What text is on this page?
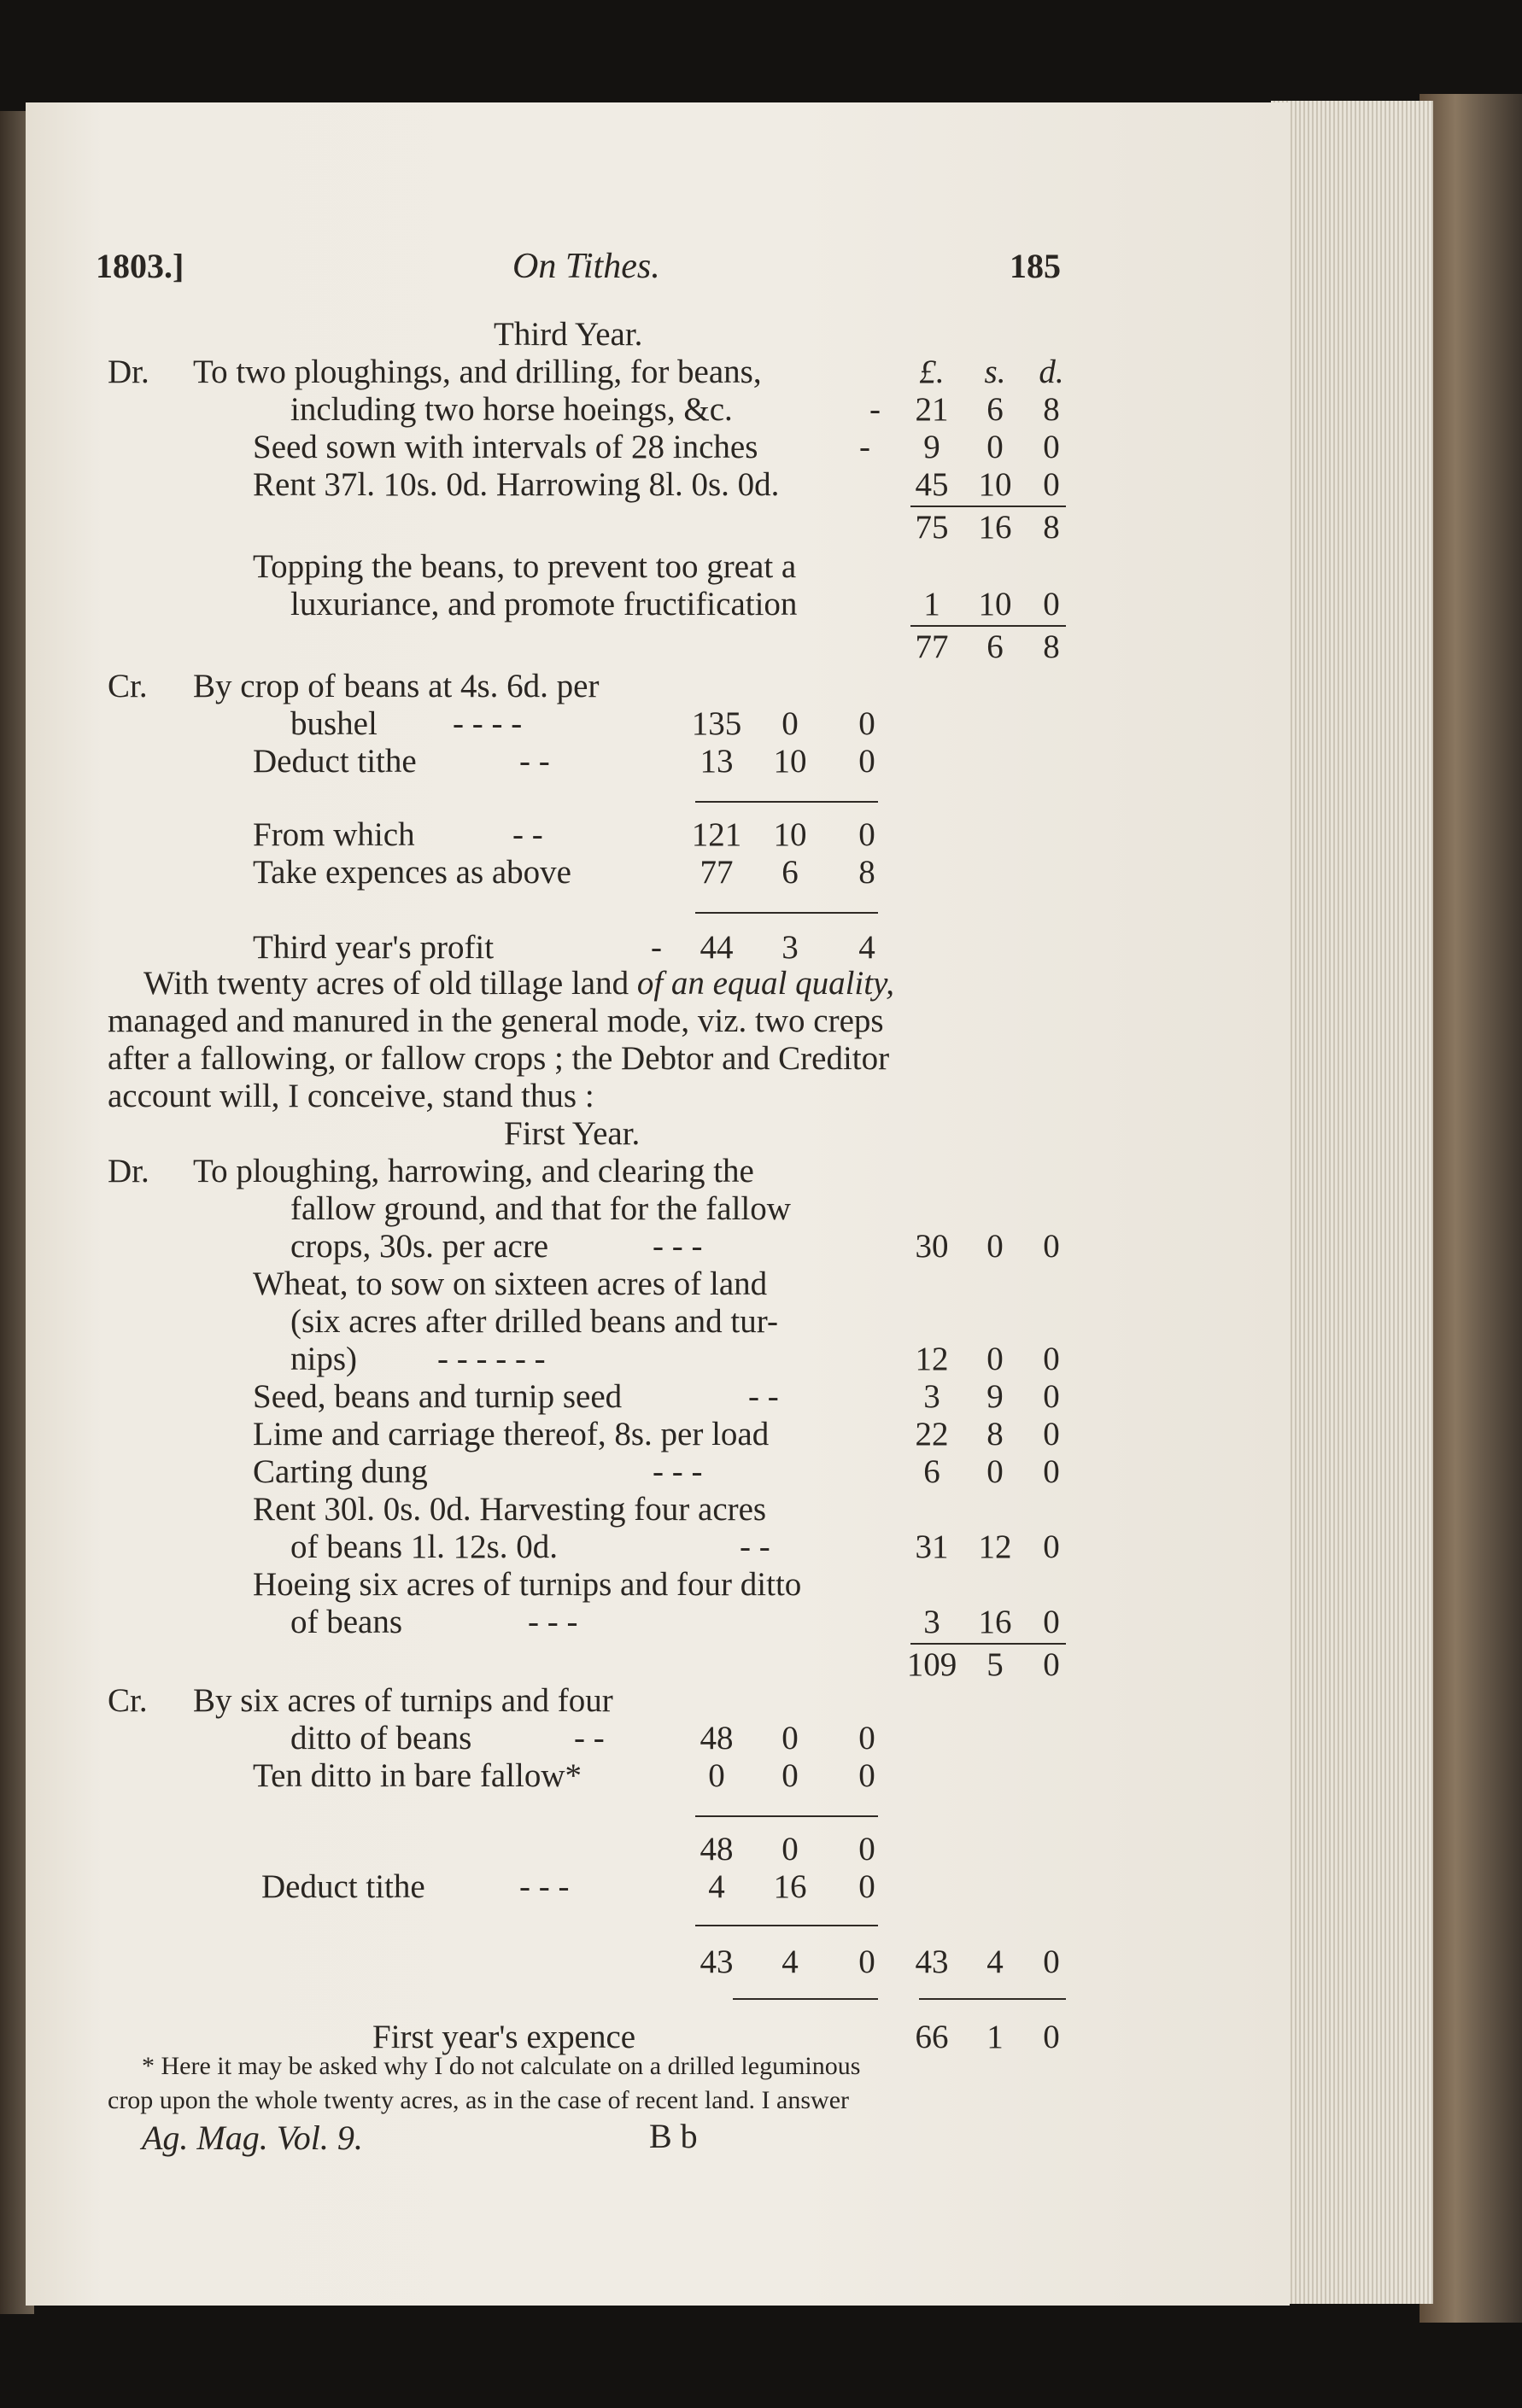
1803.]	On Tithes.	185
Third Year.
Dr. To two ploughings, and drilling, for beans,	£.	s. d.
including two horse hoeings, &c.	- 21	6	8
Seed sown with intervals of 28 inches	-	9	0	0
Rent 37l. 10s. 0d. Harrowing 8l. 0s. 0d.	45 10 0
75 16 8
Topping the beans, to prevent too great a
luxuriance, and promote fructification	1	10 0
77	6	8
Cr. By crop of beans at 4s. 6d. per
bushel - - - -	135	0	0
Deduct tithe	- -	13 10	0
From which	- -	121 10	0
Take expences as above	77	6	8
Third year's profit	- 44	3	4
With twenty acres of old tillage land of an equal quality,
managed and manured in the general mode, viz. two creps
after a fallowing, or fallow crops ; the Debtor and Creditor
account will, I conceive, stand thus :
First Year.
Dr. To ploughing, harrowing, and clearing the
fallow ground, and that for the fallow
crops, 30s. per acre	- - -	30	0	0
Wheat, to sow on sixteen acres of land
(six acres after drilled beans and tur-
nips) - - - - - -	12	0	0
Seed, beans and turnip seed	- -	3	9	0
Lime and carriage thereof, 8s. per load	22	8	0
Carting dung	- - -	6	0	0
Rent 30l. 0s. 0d. Harvesting four acres
of beans 1l. 12s. 0d.	- -	31 12 0
Hoeing six acres of turnips and four ditto
of beans	- - -	3	16 0
109 5	0
Cr. By six acres of turnips and four
ditto of beans	- -	48	0	0
Ten ditto in bare fallow*	0	0	0
48	0	0
Deduct tithe	- - -	4	16	0
43	4	0	43	4	0
First year's expence	66	1	0
* Here it may be asked why I do not calculate on a drilled leguminous
crop upon the whole twenty acres, as in the case of recent land. I answer
Ag. Mag. Vol. 9.	B b
